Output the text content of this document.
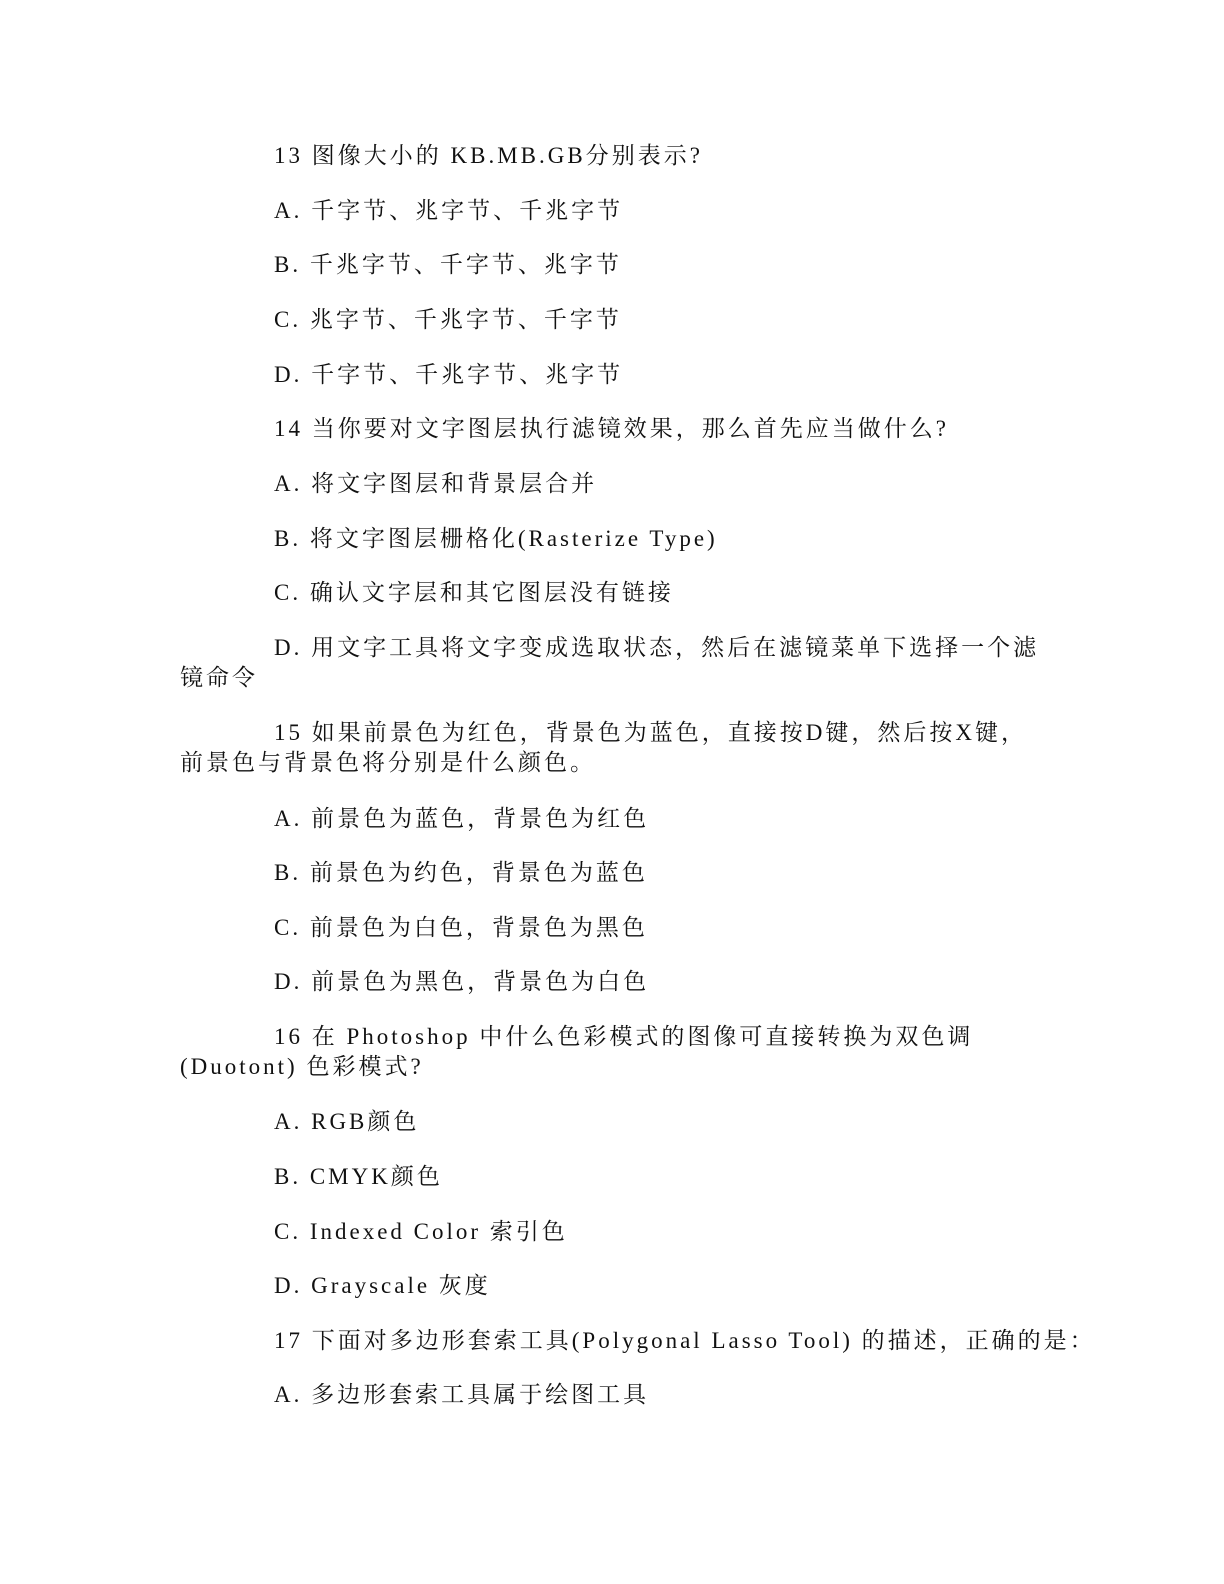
13 图像大小的 KB.MB.GB分别表示?
A. 千字节、兆字节、千兆字节
B. 千兆字节、千字节、兆字节
C. 兆字节、千兆字节、千字节
D. 千字节、千兆字节、兆字节
14 当你要对文字图层执行滤镜效果，那么首先应当做什么?
A. 将文字图层和背景层合并
B. 将文字图层栅格化(Rasterize Type)
C. 确认文字层和其它图层没有链接
D. 用文字工具将文字变成选取状态，然后在滤镜菜单下选择一个滤镜命令
15 如果前景色为红色，背景色为蓝色，直接按D键，然后按X键，前景色与背景色将分别是什么颜色。
A. 前景色为蓝色，背景色为红色
B. 前景色为约色，背景色为蓝色
C. 前景色为白色，背景色为黑色
D. 前景色为黑色，背景色为白色
16 在 Photoshop 中什么色彩模式的图像可直接转换为双色调(Duotont) 色彩模式?
A. RGB颜色
B. CMYK颜色
C. Indexed Color 索引色
D. Grayscale 灰度
17 下面对多边形套索工具(Polygonal Lasso Tool) 的描述，正确的是：
A. 多边形套索工具属于绘图工具
